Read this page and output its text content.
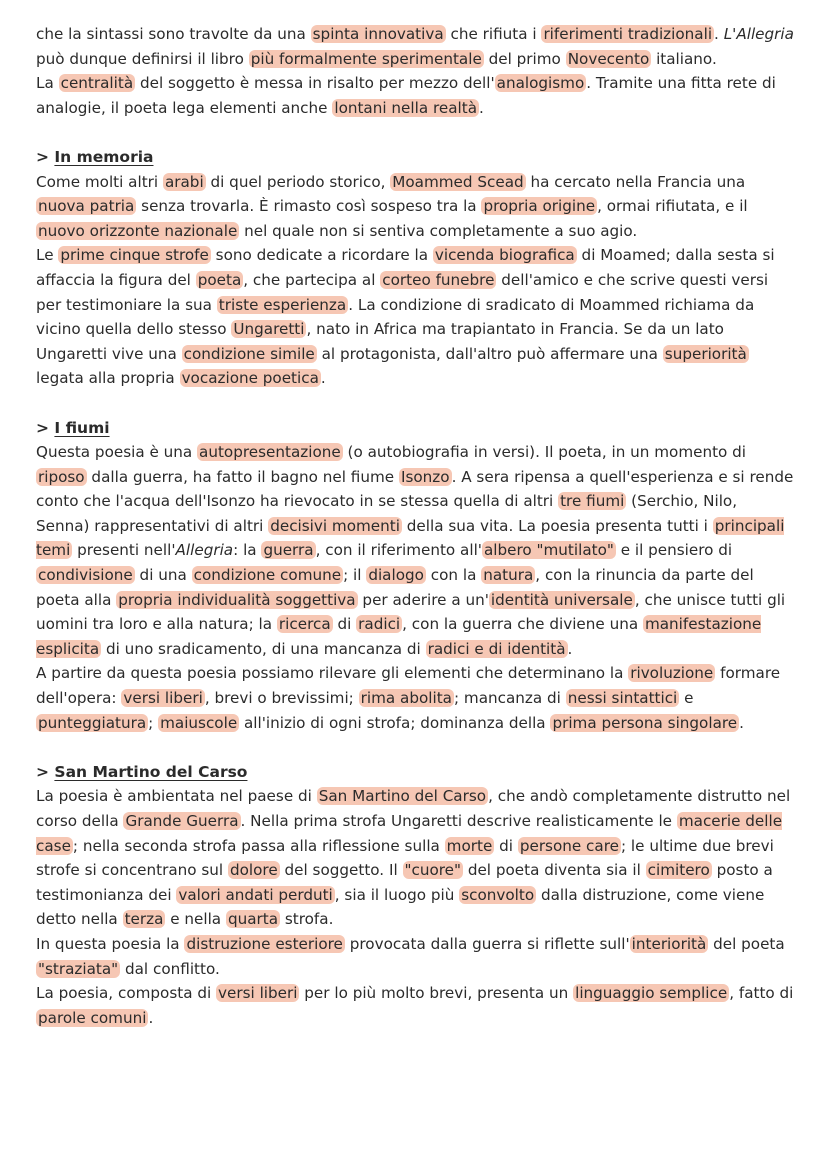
che la sintassi sono travolte da una spinta innovativa che rifiuta i riferimenti tradizionali . L'Allegria può dunque definirsi il libro più formalmente sperimentale del primo Novecento italiano.

La centralità del soggetto è messa in risalto per mezzo dell' analogismo . Tramite una fitta rete di analogie, il poeta lega elementi anche lontani nella realtà .

> In memoria

Come molti altri arabi di quel periodo storico, Moammed Scead ha cercato nella Francia una nuova patria senza trovarla. È rimasto così sospeso tra la propria origine , ormai rifiutata, e il nuovo orizzonte nazionale nel quale non si sentiva completamente a suo agio.

Le prime cinque strofe sono dedicate a ricordare la vicenda biografica di Moamed; dalla sesta si affaccia la figura del poeta , che partecipa al corteo funebre dell'amico e che scrive questi versi per testimoniare la sua triste esperienza . La condizione di sradicato di Moammed richiama da vicino quella dello stesso Ungaretti , nato in Africa ma trapiantato in Francia. Se da un lato Ungaretti vive una condizione simile al protagonista, dall'altro può affermare una superiorità legata alla propria vocazione poetica .

> I fiumi

Questa poesia è una autopresentazione (o autobiografia in versi). Il poeta, in un momento di riposo dalla guerra, ha fatto il bagno nel fiume Isonzo . A sera ripensa a quell'esperienza e si rende conto che l'acqua dell'Isonzo ha rievocato in se stessa quella di altri tre fiumi (Serchio, Nilo, Senna) rappresentativi di altri decisivi momenti della sua vita. La poesia presenta tutti i principali temi presenti nell'Allegria: la guerra , con il riferimento all' albero "mutilato" e il pensiero di condivisione di una condizione comune ; il dialogo con la natura , con la rinuncia da parte del poeta alla propria individualità soggettiva per aderire a un' identità universale , che unisce tutti gli uomini tra loro e alla natura; la ricerca di radici , con la guerra che diviene una manifestazione esplicita di uno sradicamento, di una mancanza di radici e di identità .

A partire da questa poesia possiamo rilevare gli elementi che determinano la rivoluzione formare dell'opera: versi liberi , brevi o brevissimi; rima abolita ; mancanza di nessi sintattici e punteggiatura ; maiuscole all'inizio di ogni strofa; dominanza della prima persona singolare .

> San Martino del Carso

La poesia è ambientata nel paese di San Martino del Carso , che andò completamente distrutto nel corso della Grande Guerra . Nella prima strofa Ungaretti descrive realisticamente le macerie delle case ; nella seconda strofa passa alla riflessione sulla morte di persone care ; le ultime due brevi strofe si concentrano sul dolore del soggetto. Il "cuore" del poeta diventa sia il cimitero posto a testimonianza dei valori andati perduti , sia il luogo più sconvolto dalla distruzione, come viene detto nella terza e nella quarta strofa.

In questa poesia la distruzione esteriore provocata dalla guerra si riflette sull' interiorità del poeta "straziata" dal conflitto.

La poesia, composta di versi liberi per lo più molto brevi, presenta un linguaggio semplice , fatto di parole comuni .
